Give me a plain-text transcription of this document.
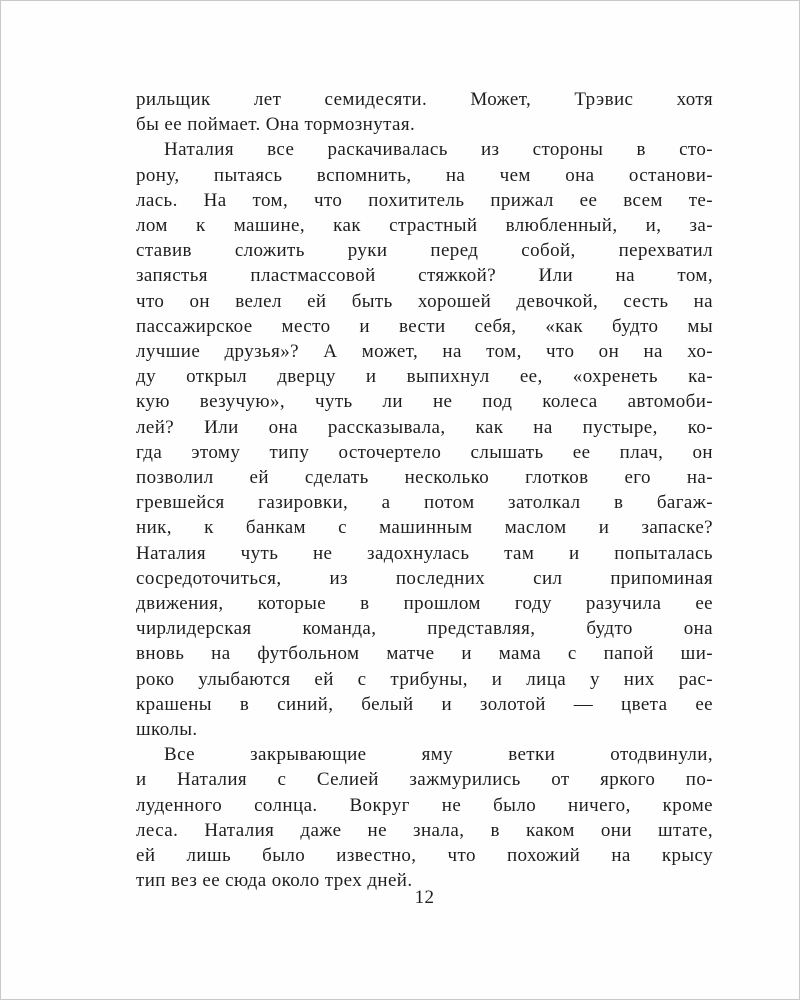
рильщик лет семидесяти. Может, Трэвис хотя
бы ее поймает. Она тормознутая.

Наталия все раскачивалась из стороны в сто-
рону, пытаясь вспомнить, на чем она останови-
лась. На том, что похититель прижал ее всем те-
лом к машине, как страстный влюбленный, и, за-
ставив сложить руки перед собой, перехватил
запястья пластмассовой стяжкой? Или на том,
что он велел ей быть хорошей девочкой, сесть на
пассажирское место и вести себя, «как будто мы
лучшие друзья»? А может, на том, что он на хо-
ду открыл дверцу и выпихнул ее, «охренеть ка-
кую везучую», чуть ли не под колеса автомоби-
лей? Или она рассказывала, как на пустыре, ко-
гда этому типу осточертело слышать ее плач, он
позволил ей сделать несколько глотков его на-
гревшейся газировки, а потом затолкал в багаж-
ник, к банкам с машинным маслом и запаске?
Наталия чуть не задохнулась там и попыталась
сосредоточиться, из последних сил припоминая
движения, которые в прошлом году разучила ее
чирлидерская команда, представляя, будто она
вновь на футбольном матче и мама с папой ши-
роко улыбаются ей с трибуны, и лица у них рас-
крашены в синий, белый и золотой — цвета ее
школы.

Все закрывающие яму ветки отодвинули,
и Наталия с Селией зажмурились от яркого по-
луденного солнца. Вокруг не было ничего, кроме
леса. Наталия даже не знала, в каком они штате,
ей лишь было известно, что похожий на крысу
тип вез ее сюда около трех дней.

12
